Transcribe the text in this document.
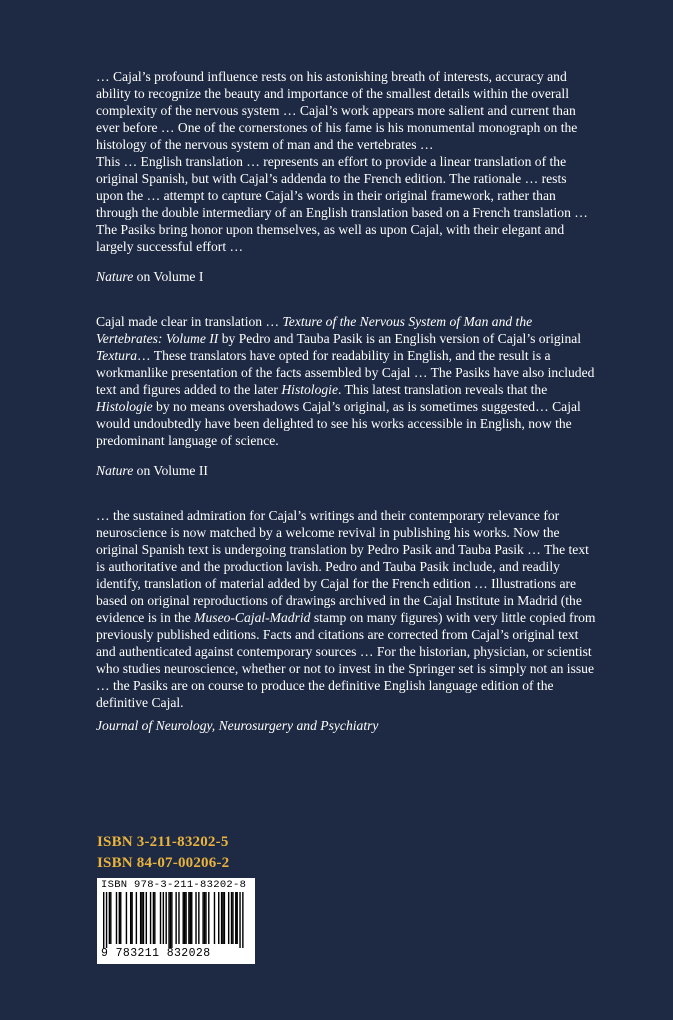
… Cajal’s profound influence rests on his astonishing breath of interests, accuracy and ability to recognize the beauty and importance of the smallest details within the overall complexity of the nervous system … Cajal’s work appears more salient and current than ever before … One of the cornerstones of his fame is his monumental monograph on the histology of the nervous system of man and the vertebrates …

This … English translation … represents an effort to provide a linear translation of the original Spanish, but with Cajal’s addenda to the French edition. The rationale … rests upon the … attempt to capture Cajal’s words in their original framework, rather than through the double intermediary of an English translation based on a French translation … The Pasiks bring honor upon themselves, as well as upon Cajal, with their elegant and largely successful effort …

Nature on Volume I

Cajal made clear in translation … Texture of the Nervous System of Man and the Vertebrates: Volume II by Pedro and Tauba Pasik is an English version of Cajal’s original Textura… These translators have opted for readability in English, and the result is a workmanlike presentation of the facts assembled by Cajal … The Pasiks have also included text and figures added to the later Histologie. This latest translation reveals that the Histologie by no means overshadows Cajal’s original, as is sometimes suggested… Cajal would undoubtedly have been delighted to see his works accessible in English, now the predominant language of science.

Nature on Volume II

… the sustained admiration for Cajal’s writings and their contemporary relevance for neuroscience is now matched by a welcome revival in publishing his works. Now the original Spanish text is undergoing translation by Pedro Pasik and Tauba Pasik … The text is authoritative and the production lavish. Pedro and Tauba Pasik include, and readily identify, translation of material added by Cajal for the French edition … Illustrations are based on original reproductions of drawings archived in the Cajal Institute in Madrid (the evidence is in the Museo-Cajal-Madrid stamp on many figures) with very little copied from previously published editions. Facts and citations are corrected from Cajal’s original text and authenticated against contemporary sources … For the historian, physician, or scientist who studies neuroscience, whether or not to invest in the Springer set is simply not an issue … the Pasiks are on course to produce the definitive English language edition of the definitive Cajal.

Journal of Neurology, Neurosurgery and Psychiatry

ISBN 3-211-83202-5
ISBN 84-07-00206-2
ISBN 978-3-211-83202-8
9 783211 832028
